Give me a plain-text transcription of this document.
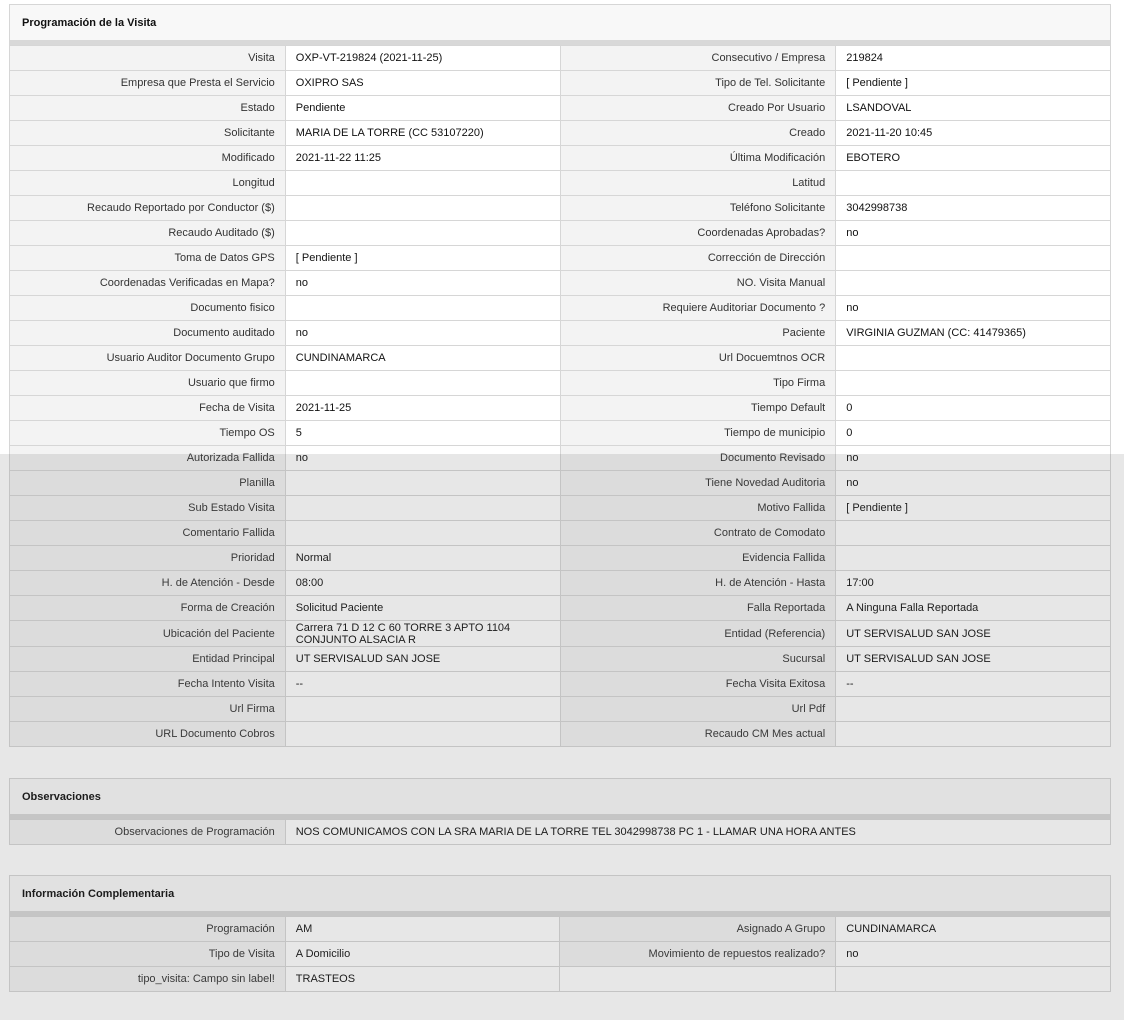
Programación de la Visita
Visita	OXP-VT-219824 (2021-11-25)	Consecutivo / Empresa	219824
Empresa que Presta el Servicio	OXIPRO SAS	Tipo de Tel. Solicitante	[ Pendiente ]
Estado	Pendiente	Creado Por Usuario	LSANDOVAL
Solicitante	MARIA DE LA TORRE (CC 53107220)	Creado	2021-11-20 10:45
Modificado	2021-11-22 11:25	Última Modificación	EBOTERO
Longitud		Latitud	
Recaudo Reportado por Conductor ($)		Teléfono Solicitante	3042998738
Recaudo Auditado ($)		Coordenadas Aprobadas?	no
Toma de Datos GPS	[ Pendiente ]	Corrección de Dirección	
Coordenadas Verificadas en Mapa?	no	NO. Visita Manual	
Documento fisico		Requiere Auditoriar Documento ?	no
Documento auditado	no	Paciente	VIRGINIA GUZMAN (CC: 41479365)
Usuario Auditor Documento Grupo	CUNDINAMARCA	Url Docuemtnos OCR	
Usuario que firmo		Tipo Firma	
Fecha de Visita	2021-11-25	Tiempo Default	0
Tiempo OS	5	Tiempo de municipio	0
Autorizada Fallida	no	Documento Revisado	no
Planilla		Tiene Novedad Auditoria	no
Sub Estado Visita		Motivo Fallida	[ Pendiente ]
Comentario Fallida		Contrato de Comodato	
Prioridad	Normal	Evidencia Fallida	
H. de Atención - Desde	08:00	H. de Atención - Hasta	17:00
Forma de Creación	Solicitud Paciente	Falla Reportada	A Ninguna Falla Reportada
Ubicación del Paciente	Carrera 71 D 12 C 60 TORRE 3 APTO 1104 CONJUNTO ALSACIA R	Entidad (Referencia)	UT SERVISALUD SAN JOSE
Entidad Principal	UT SERVISALUD SAN JOSE	Sucursal	UT SERVISALUD SAN JOSE
Fecha Intento Visita	--	Fecha Visita Exitosa	--
Url Firma		Url Pdf	
URL Documento Cobros		Recaudo CM Mes actual	
Observaciones
Observaciones de Programación	NOS COMUNICAMOS CON LA SRA MARIA DE LA TORRE TEL 3042998738 PC 1 - LLAMAR UNA HORA ANTES
Información Complementaria
Programación	AM	Asignado A Grupo	CUNDINAMARCA
Tipo de Visita	A Domicilio	Movimiento de repuestos realizado?	no
tipo_visita: Campo sin label!	TRASTEOS		
